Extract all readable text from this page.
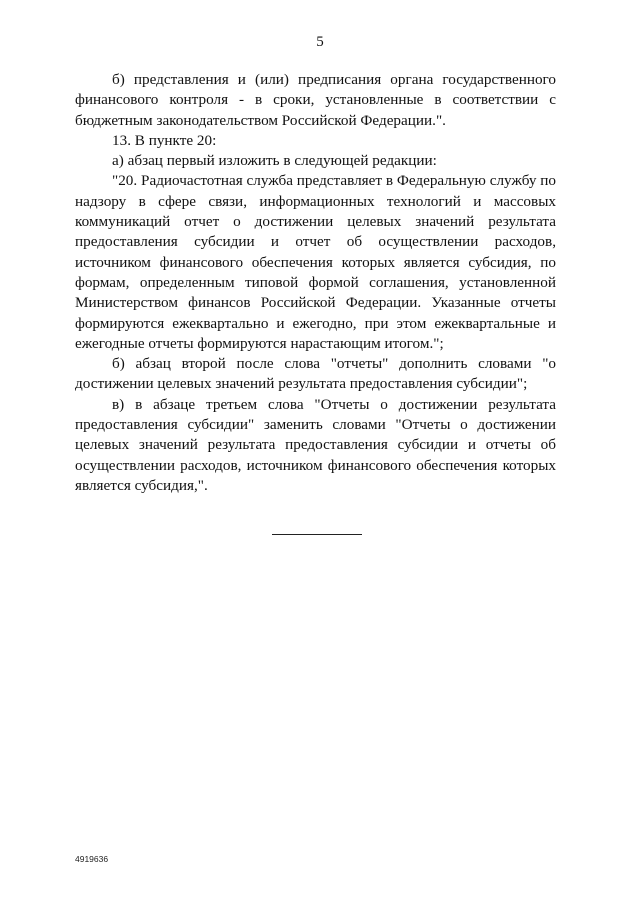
5

б) представления и (или) предписания органа государственного финансового контроля - в сроки, установленные в соответствии с бюджетным законодательством Российской Федерации.".

13. В пункте 20:

а) абзац первый изложить в следующей редакции:

"20. Радиочастотная служба представляет в Федеральную службу по надзору в сфере связи, информационных технологий и массовых коммуникаций отчет о достижении целевых значений результата предоставления субсидии и отчет об осуществлении расходов, источником финансового обеспечения которых является субсидия, по формам, определенным типовой формой соглашения, установленной Министерством финансов Российской Федерации. Указанные отчеты формируются ежеквартально и ежегодно, при этом ежеквартальные и ежегодные отчеты формируются нарастающим итогом.";

б) абзац второй после слова "отчеты" дополнить словами "о достижении целевых значений результата предоставления субсидии";

в) в абзаце третьем слова "Отчеты о достижении результата предоставления субсидии" заменить словами "Отчеты о достижении целевых значений результата предоставления субсидии и отчеты об осуществлении расходов, источником финансового обеспечения которых является субсидия,".

4919636
